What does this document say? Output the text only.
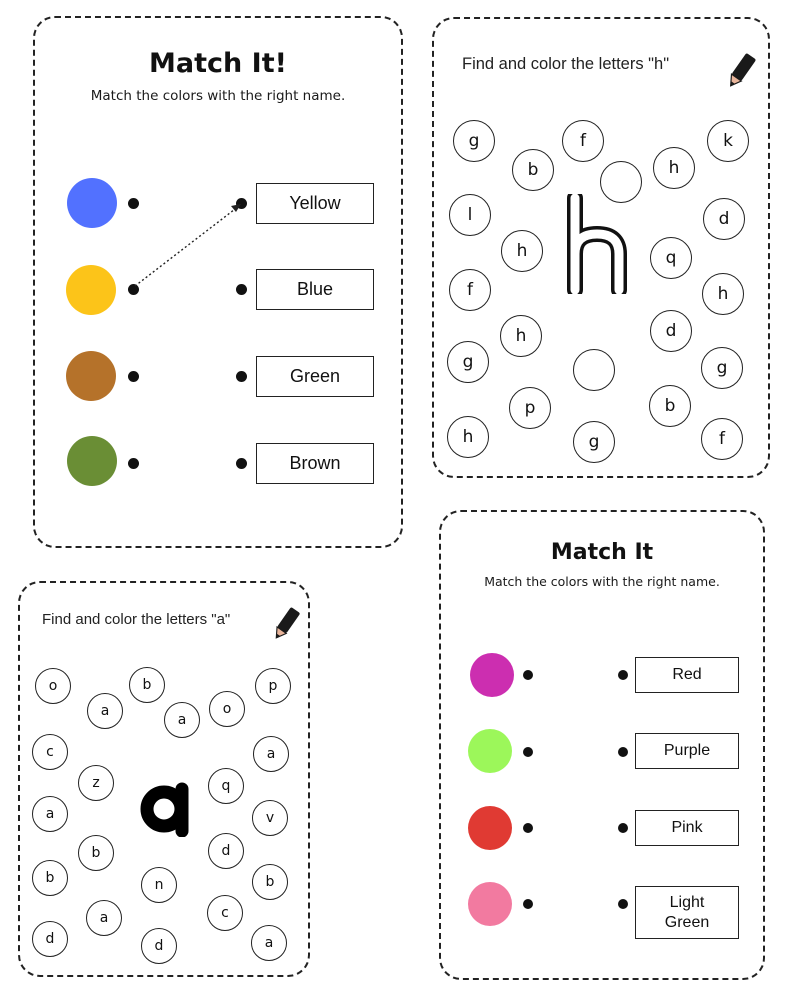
Match It!
Match the colors with the right name.
Yellow
Blue
Green
Brown
Find and color the letters "h"
g	f	k
b	h
l	d
h	q
f	h
h	d
g	g
p	b
h	g	f
Find and color the letters "a"
o	b	p
a
a
o
c	a
z	q
a	v
b	d
b	n	b
a	c
d	d	a
Match It
Match the colors with the right name.
Red
Purple
Pink
Light Green
